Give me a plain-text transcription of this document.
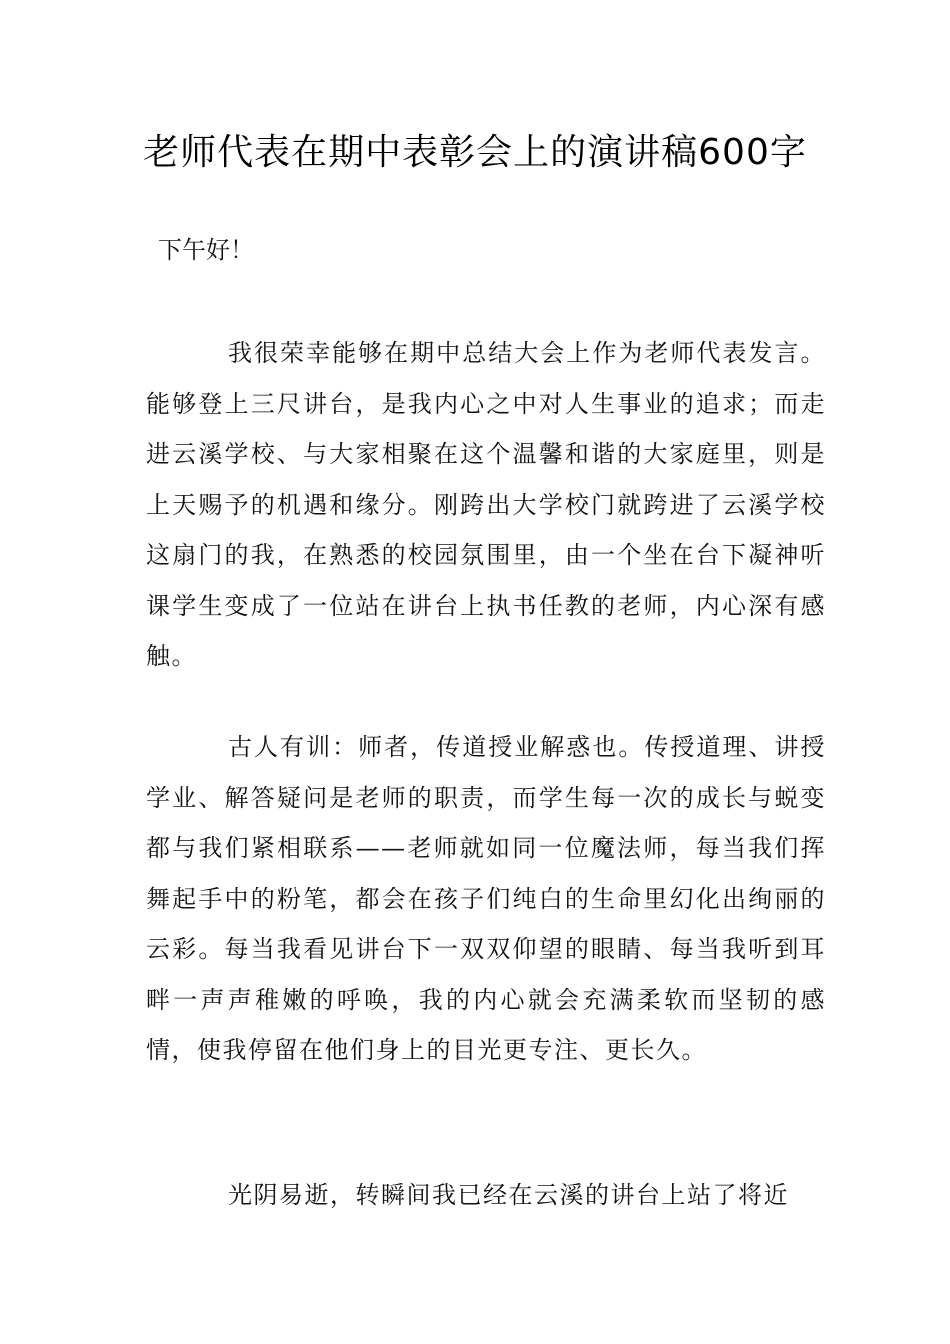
老师代表在期中表彰会上的演讲稿600字

下午好！

我很荣幸能够在期中总结大会上作为老师代表发言。能够登上三尺讲台，是我内心之中对人生事业的追求；而走进云溪学校、与大家相聚在这个温馨和谐的大家庭里，则是上天赐予的机遇和缘分。刚跨出大学校门就跨进了云溪学校这扇门的我，在熟悉的校园氛围里，由一个坐在台下凝神听课学生变成了一位站在讲台上执书任教的老师，内心深有感触。

古人有训：师者，传道授业解惑也。传授道理、讲授学业、解答疑问是老师的职责，而学生每一次的成长与蜕变都与我们紧相联系——老师就如同一位魔法师，每当我们挥舞起手中的粉笔，都会在孩子们纯白的生命里幻化出绚丽的云彩。每当我看见讲台下一双双仰望的眼睛、每当我听到耳畔一声声稚嫩的呼唤，我的内心就会充满柔软而坚韧的感情，使我停留在他们身上的目光更专注、更长久。

光阴易逝，转瞬间我已经在云溪的讲台上站了将近
